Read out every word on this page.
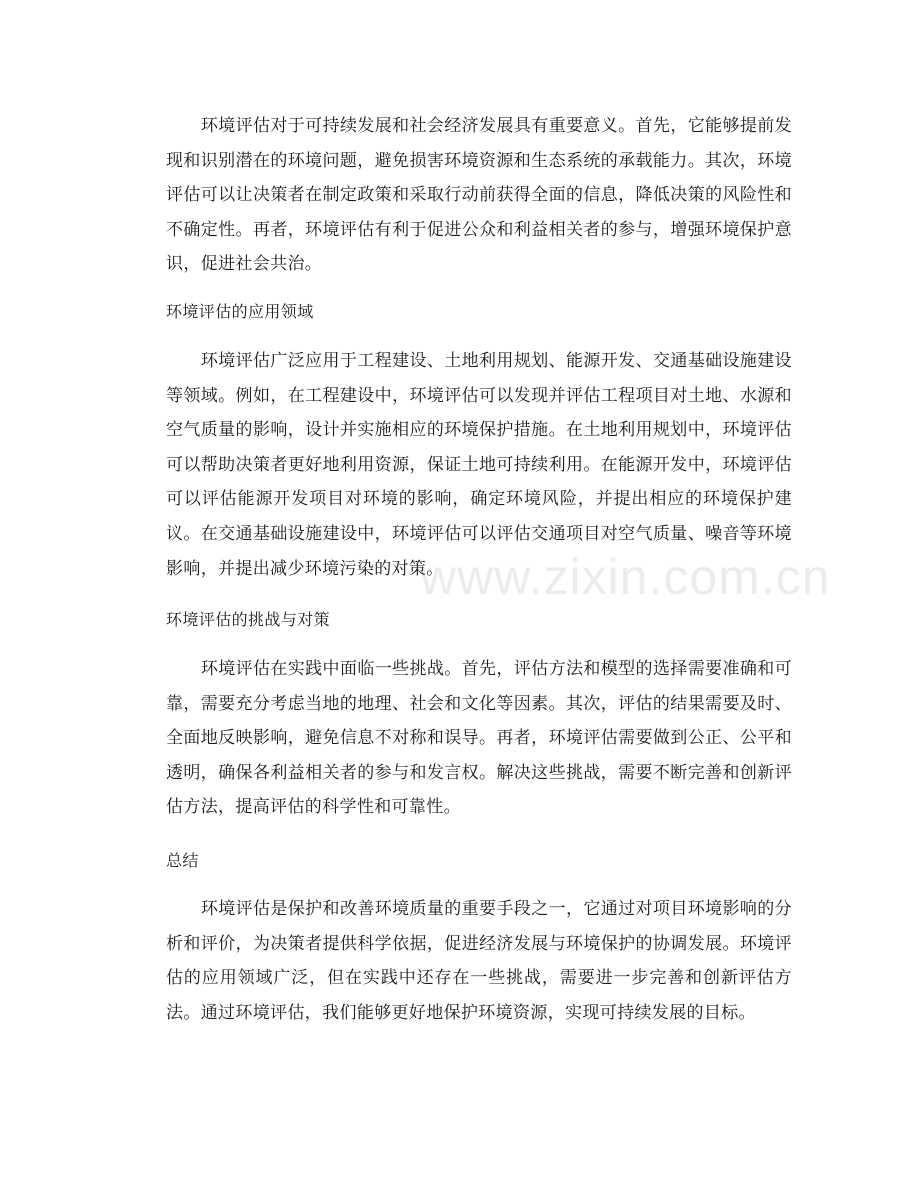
环境评估对于可持续发展和社会经济发展具有重要意义。首先，它能够提前发现和识别潜在的环境问题，避免损害环境资源和生态系统的承载能力。其次，环境评估可以让决策者在制定政策和采取行动前获得全面的信息，降低决策的风险性和不确定性。再者，环境评估有利于促进公众和利益相关者的参与，增强环境保护意识，促进社会共治。

环境评估的应用领域

环境评估广泛应用于工程建设、土地利用规划、能源开发、交通基础设施建设等领域。例如，在工程建设中，环境评估可以发现并评估工程项目对土地、水源和空气质量的影响，设计并实施相应的环境保护措施。在土地利用规划中，环境评估可以帮助决策者更好地利用资源，保证土地可持续利用。在能源开发中，环境评估可以评估能源开发项目对环境的影响，确定环境风险，并提出相应的环境保护建议。在交通基础设施建设中，环境评估可以评估交通项目对空气质量、噪音等环境影响，并提出减少环境污染的对策。

环境评估的挑战与对策

环境评估在实践中面临一些挑战。首先，评估方法和模型的选择需要准确和可靠，需要充分考虑当地的地理、社会和文化等因素。其次，评估的结果需要及时、全面地反映影响，避免信息不对称和误导。再者，环境评估需要做到公正、公平和透明，确保各利益相关者的参与和发言权。解决这些挑战，需要不断完善和创新评估方法，提高评估的科学性和可靠性。

总结

环境评估是保护和改善环境质量的重要手段之一，它通过对项目环境影响的分析和评价，为决策者提供科学依据，促进经济发展与环境保护的协调发展。环境评估的应用领域广泛，但在实践中还存在一些挑战，需要进一步完善和创新评估方法。通过环境评估，我们能够更好地保护环境资源，实现可持续发展的目标。

www.zixin.com.cn
